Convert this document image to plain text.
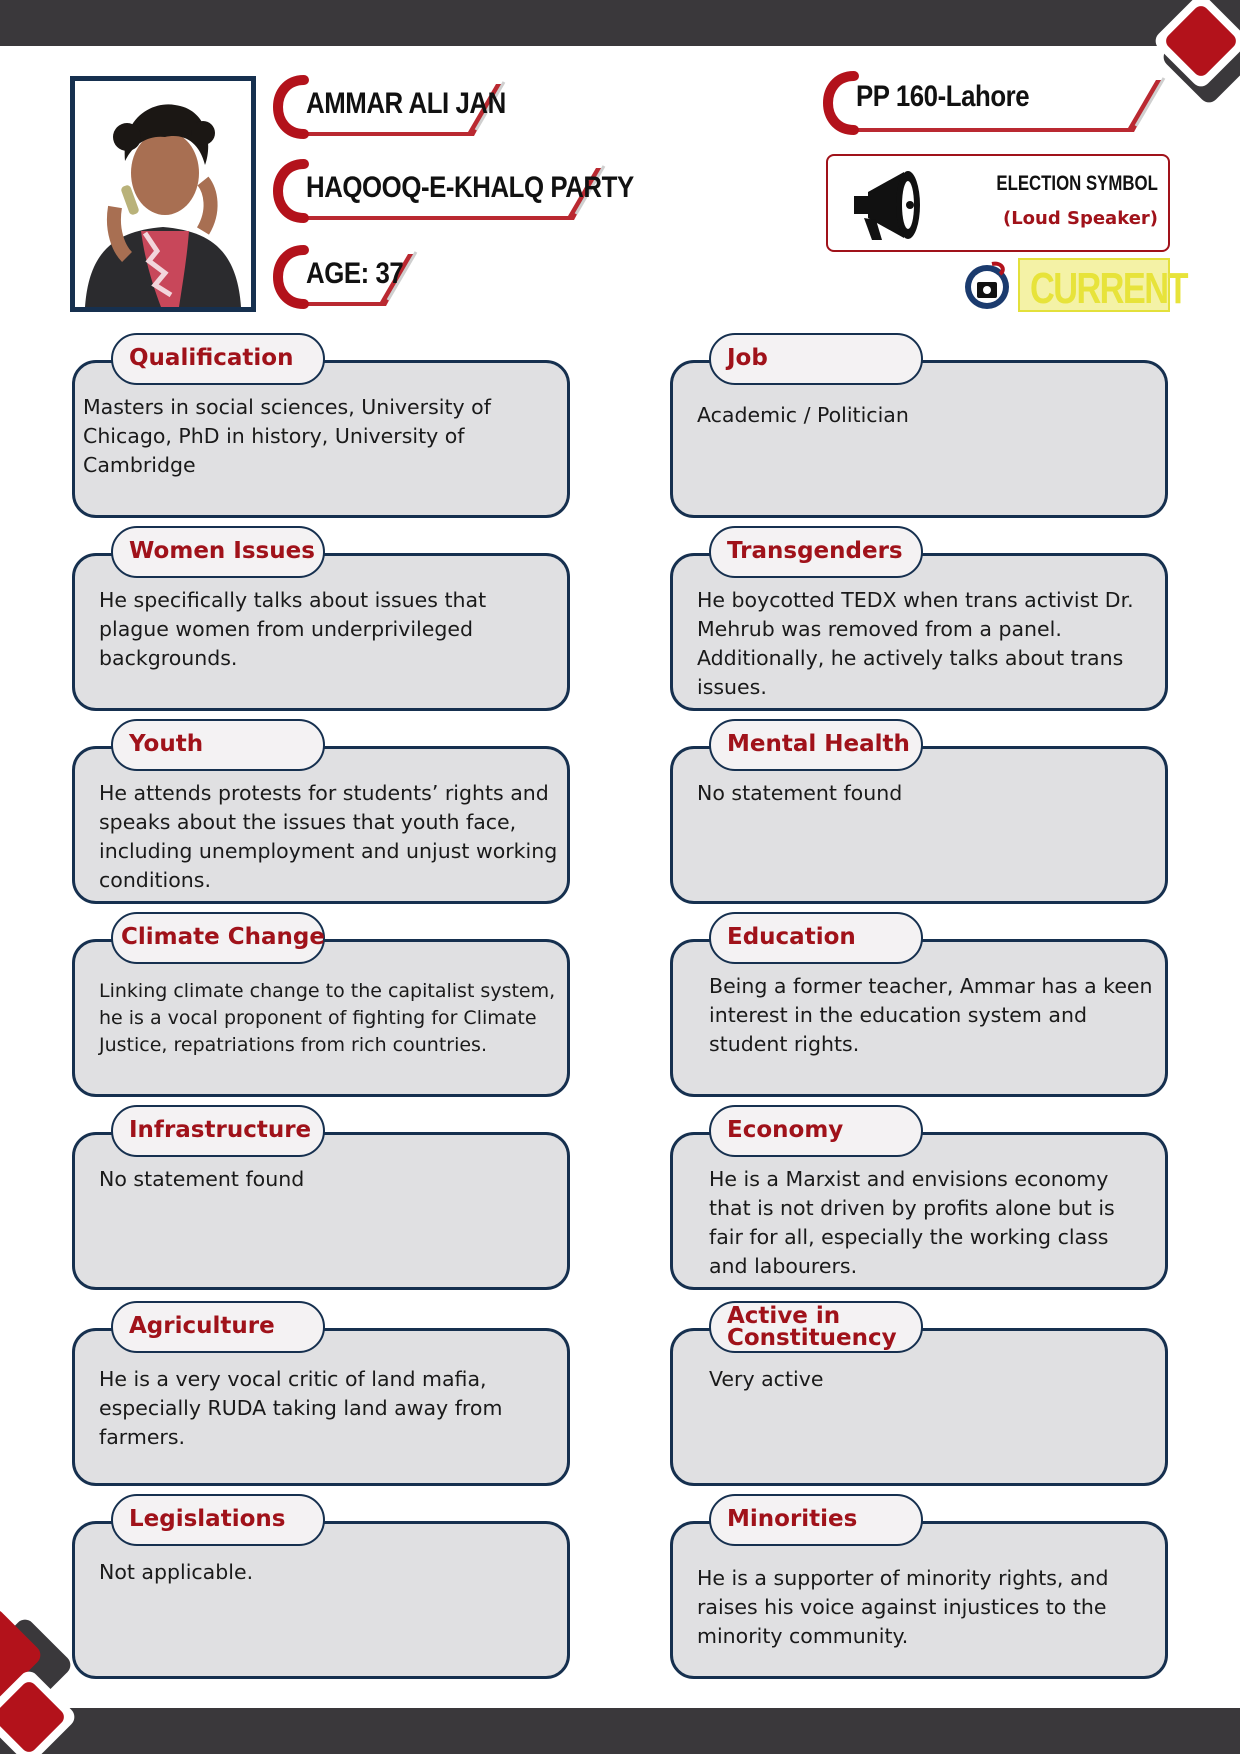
AMMAR ALI JAN
HAQOOQ-E-KHALQ PARTY
AGE: 37
PP 160-Lahore
ELECTION SYMBOL
(Loud Speaker)
CURRENT
Qualification
Masters in social sciences, University of Chicago, PhD in history, University of Cambridge
Job
Academic / Politician
Women Issues
He specifically talks about issues that plague women from underprivileged backgrounds.
Transgenders
He boycotted TEDX when trans activist Dr. Mehrub was removed from a panel. Additionally, he actively talks about trans issues.
Youth
He attends protests for students’ rights and speaks about the issues that youth face, including unemployment and unjust working conditions.
Mental Health
No statement found
Climate Change
Linking climate change to the capitalist system, he is a vocal proponent of fighting for Climate Justice, repatriations from rich countries.
Education
Being a former teacher, Ammar has a keen interest in the education system and student rights.
Infrastructure
No statement found
Economy
He is a Marxist and envisions economy that is not driven by profits alone but is fair for all, especially the working class and labourers.
Agriculture
He is a very vocal critic of land mafia, especially RUDA taking land away from farmers.
Active in Constituency
Very active
Legislations
Not applicable.
Minorities
He is a supporter of minority rights, and raises his voice against injustices to the minority community.
